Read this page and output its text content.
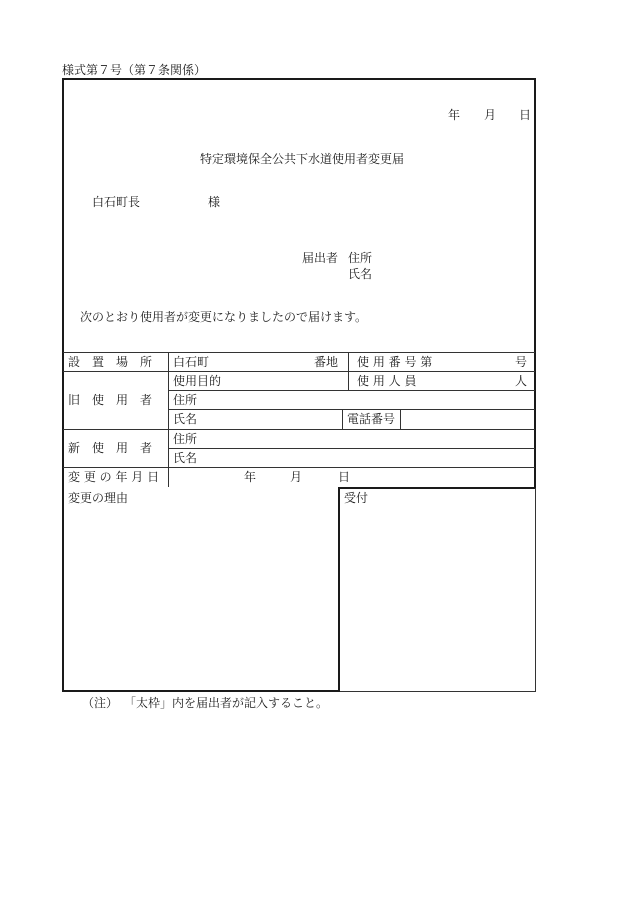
様式第７号（第７条関係）
年 月 日
特定環境保全公共下水道使用者変更届
白石町長	様
届出者 住所
氏名
次のとおり使用者が変更になりましたので届けます。
設　置　場　所 白石町	番地 使 用 番 号 第	号
旧　使　用　者
使用目的	使 用 人 員	人
住所
氏名	電話番号
新　使　用　者
住所
氏名
変 更 の 年 月 日	年	月	日
変更の理由	受付
（注） 「太枠」内を届出者が記入すること。
